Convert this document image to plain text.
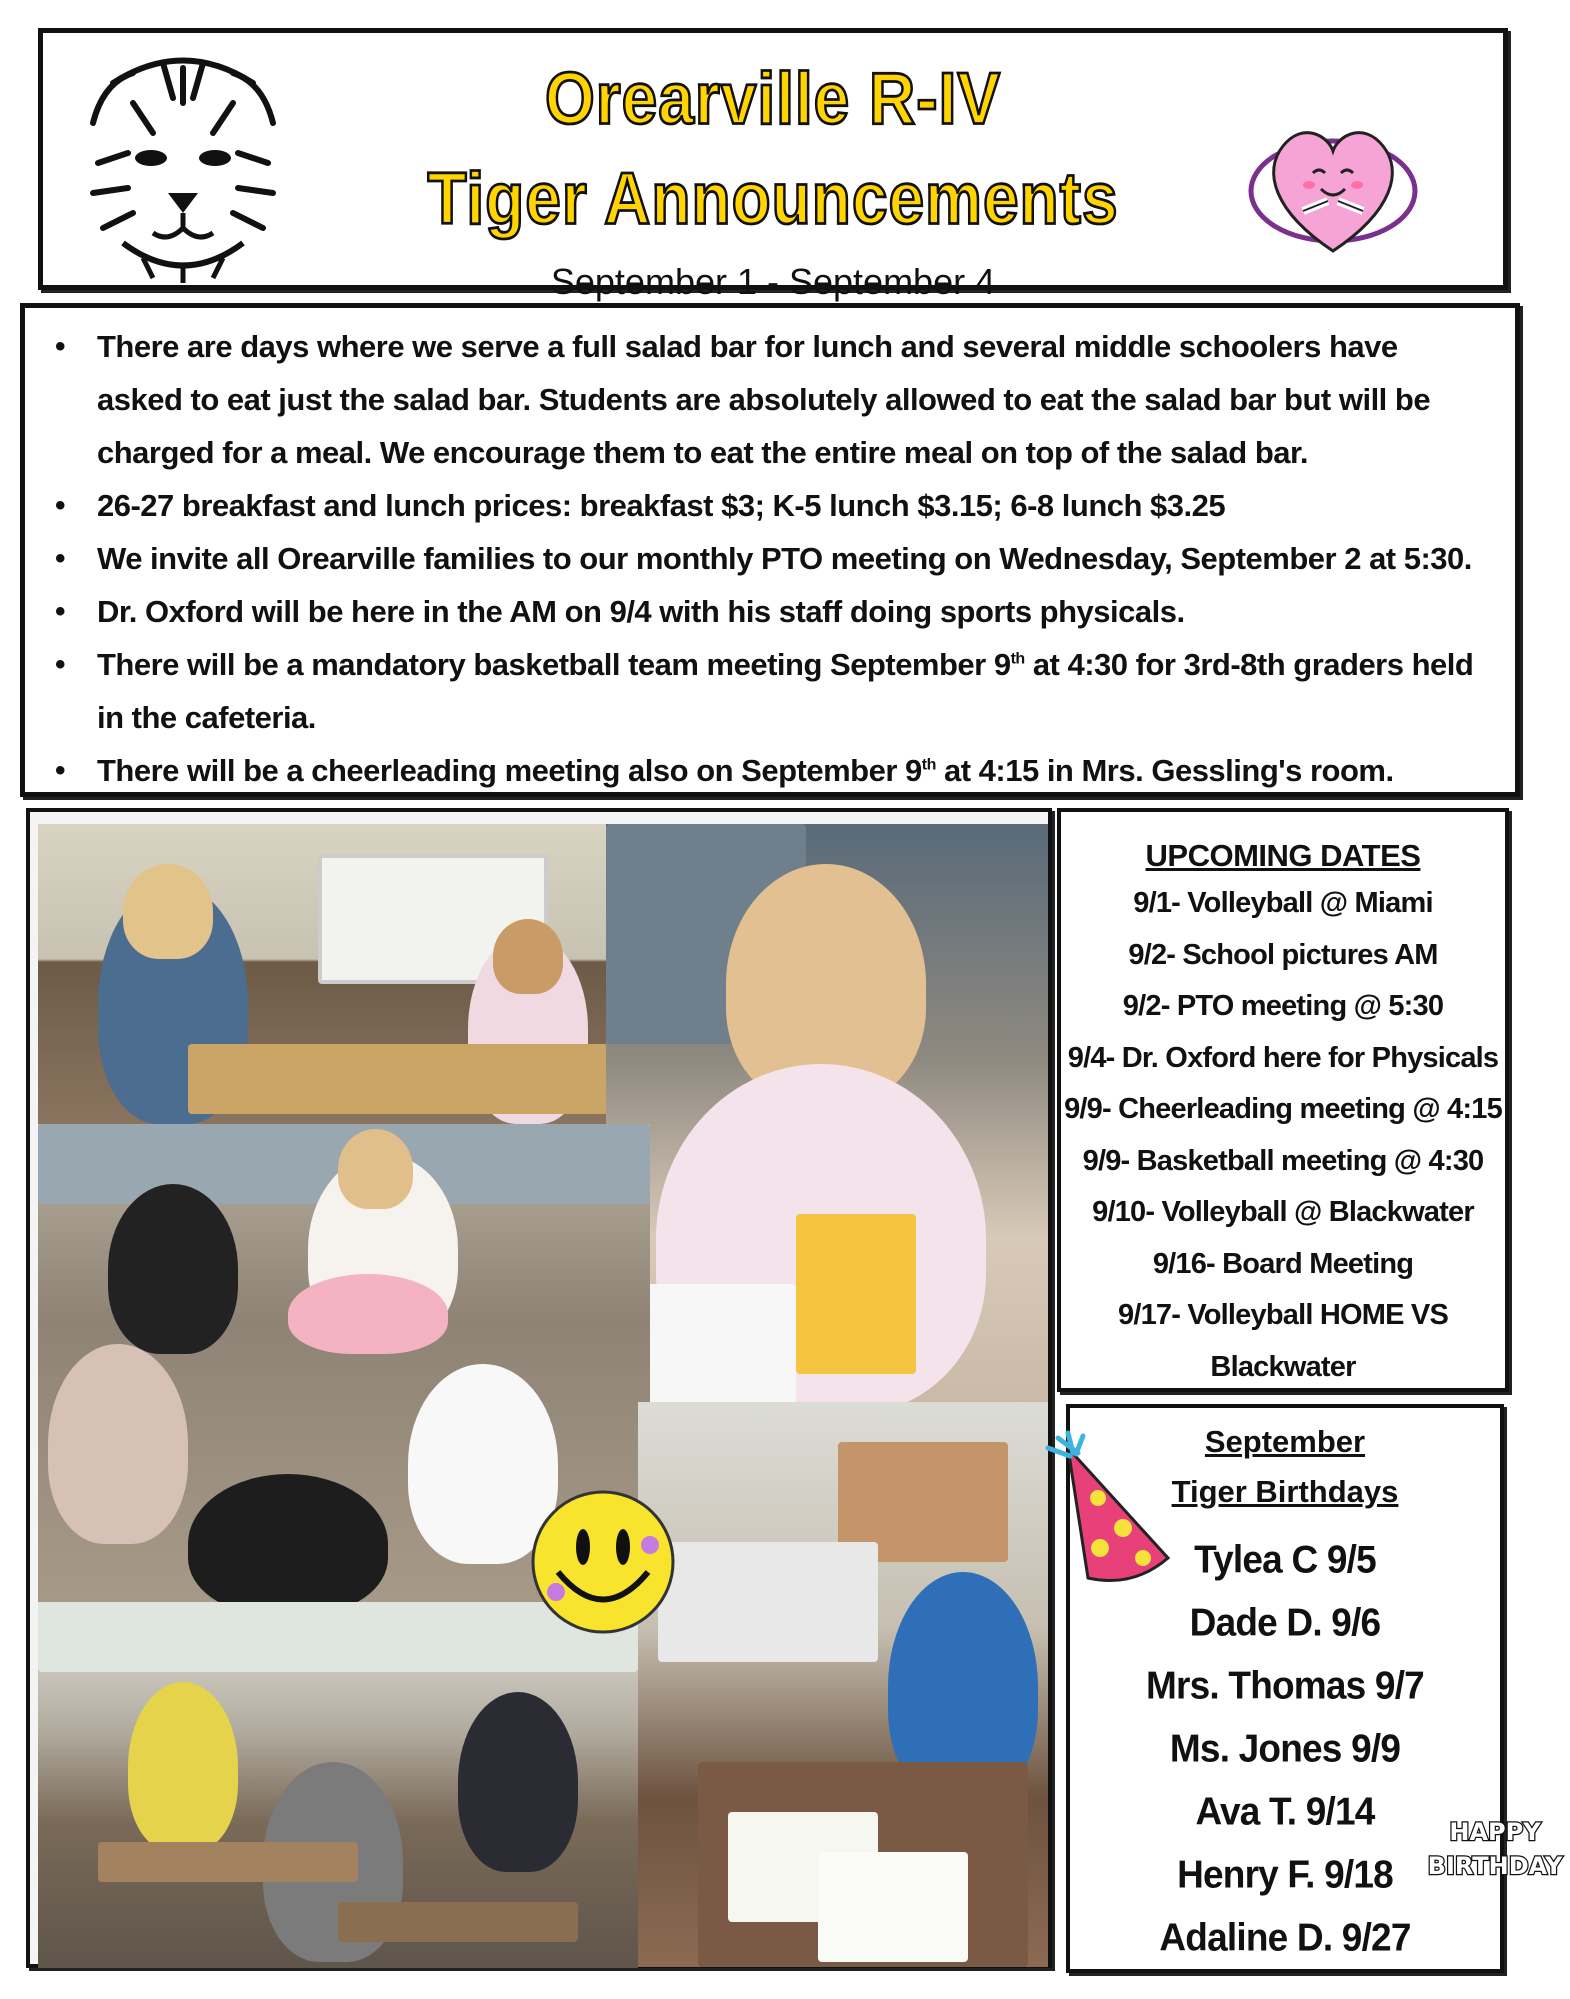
Orearville R-IV
Tiger Announcements
September 1 - September 4
• There are days where we serve a full salad bar for lunch and several middle schoolers have asked to eat just the salad bar. Students are absolutely allowed to eat the salad bar but will be charged for a meal. We encourage them to eat the entire meal on top of the salad bar.
• 26-27 breakfast and lunch prices: breakfast $3; K-5 lunch $3.15; 6-8 lunch $3.25
• We invite all Orearville families to our monthly PTO meeting on Wednesday, September 2 at 5:30.
• Dr. Oxford will be here in the AM on 9/4 with his staff doing sports physicals.
• There will be a mandatory basketball team meeting September 9th at 4:30 for 3rd-8th graders held in the cafeteria.
• There will be a cheerleading meeting also on September 9th at 4:15 in Mrs. Gessling's room.
UPCOMING DATES
9/1- Volleyball @ Miami
9/2- School pictures AM
9/2- PTO meeting @ 5:30
9/4- Dr. Oxford here for Physicals
9/9- Cheerleading meeting @ 4:15
9/9- Basketball meeting @ 4:30
9/10- Volleyball @ Blackwater
9/16- Board Meeting
9/17- Volleyball HOME VS
Blackwater
September
Tiger Birthdays
Tylea C 9/5
Dade D. 9/6
Mrs. Thomas 9/7
Ms. Jones 9/9
Ava T. 9/14
Henry F. 9/18
Adaline D. 9/27
HAPPY
BIRTHDAY
